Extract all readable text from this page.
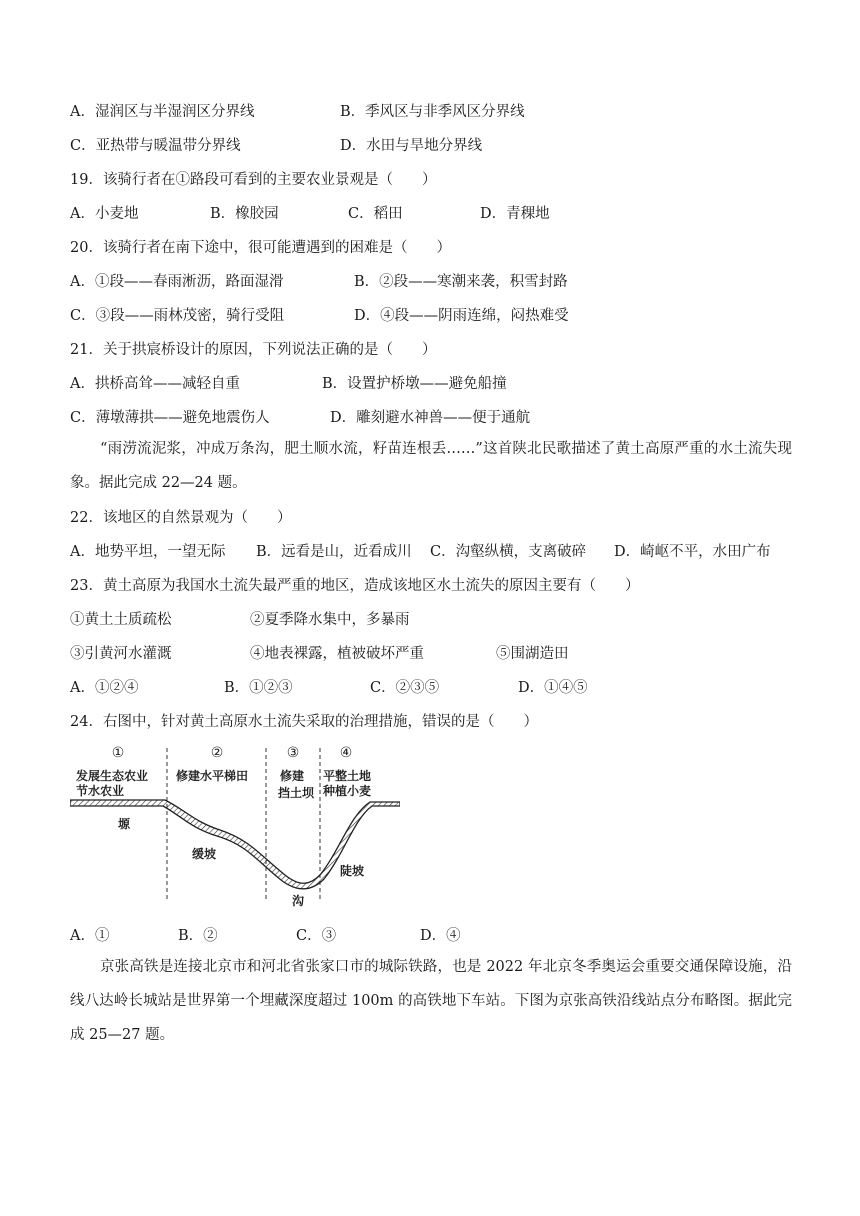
A．湿润区与半湿润区分界线	B．季风区与非季风区分界线
C．亚热带与暖温带分界线	D．水田与旱地分界线
19．该骑行者在①路段可看到的主要农业景观是（　　）
A．小麦地	B．橡胶园	C．稻田	D．青稞地
20．该骑行者在南下途中，很可能遭遇到的困难是（　　）
A．①段——春雨淅沥，路面湿滑	B．②段——寒潮来袭，积雪封路
C．③段——雨林茂密，骑行受阻	D．④段——阴雨连绵，闷热难受
21．关于拱宸桥设计的原因，下列说法正确的是（　　）
A．拱桥高耸——减轻自重	B．设置护桥墩——避免船撞
C．薄墩薄拱——避免地震伤人	D．雕刻避水神兽——便于通航
“雨涝流泥浆，冲成万条沟，肥土顺水流，籽苗连根丢……”这首陕北民歌描述了黄土高原严重的水土流失现象。据此完成 22—24 题。
22．该地区的自然景观为（　　）
A．地势平坦，一望无际 B．远看是山，近看成川 C．沟壑纵横，支离破碎 D．崎岖不平，水田广布
23．黄土高原为我国水土流失最严重的地区，造成该地区水土流失的原因主要有（　　）
①黄土土质疏松	②夏季降水集中，多暴雨
③引黄河水灌溉	④地表裸露，植被破坏严重	⑤围湖造田
A．①②④	B．①②③	C．②③⑤	D．①④⑤
24．右图中，针对黄土高原水土流失采取的治理措施，错误的是（　　）
①	②	③	④
发展生态农业
节水农业
修建水平梯田	修建
挡土坝
平整土地
种植小麦
塬
缓坡
陡坡
沟
A．①	B．②	C．③	D．④
京张高铁是连接北京市和河北省张家口市的城际铁路，也是 2022 年北京冬季奥运会重要交通保障设施，沿线八达岭长城站是世界第一个埋藏深度超过 100m 的高铁地下车站。下图为京张高铁沿线站点分布略图。据此完成 25—27 题。
